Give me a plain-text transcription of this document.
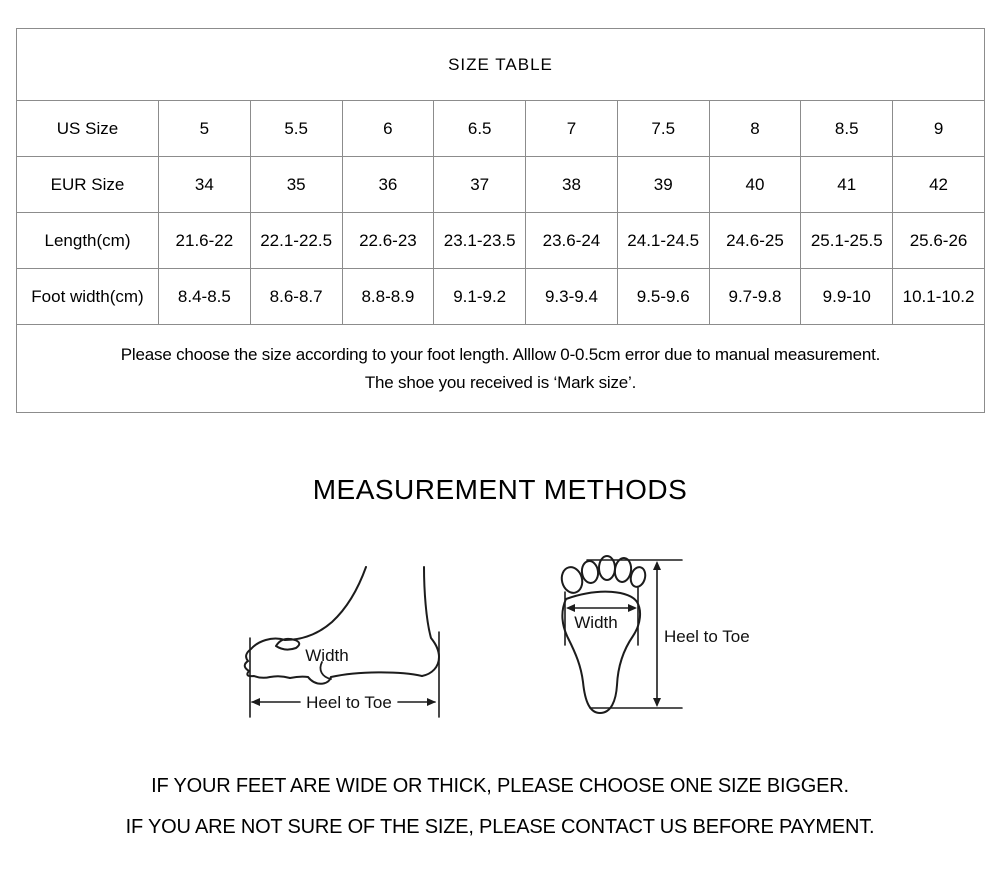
SIZE TABLE									
US Size	5	5.5	6	6.5	7	7.5	8	8.5	9
EUR Size	34	35	36	37	38	39	40	41	42
Length(cm)	21.6-22	22.1-22.5	22.6-23	23.1-23.5	23.6-24	24.1-24.5	24.6-25	25.1-25.5	25.6-26
Foot width(cm)	8.4-8.5	8.6-8.7	8.8-8.9	9.1-9.2	9.3-9.4	9.5-9.6	9.7-9.8	9.9-10	10.1-10.2

Please choose the size according to your foot length. Alllow 0-0.5cm error due to manual measurement.
The shoe you received is ‘Mark size’.									
MEASUREMENT METHODS
Width
Heel to Toe
Width
Heel to Toe
IF YOUR FEET ARE WIDE OR THICK, PLEASE CHOOSE ONE SIZE BIGGER.
IF YOU ARE NOT SURE OF THE SIZE, PLEASE CONTACT US BEFORE PAYMENT.
